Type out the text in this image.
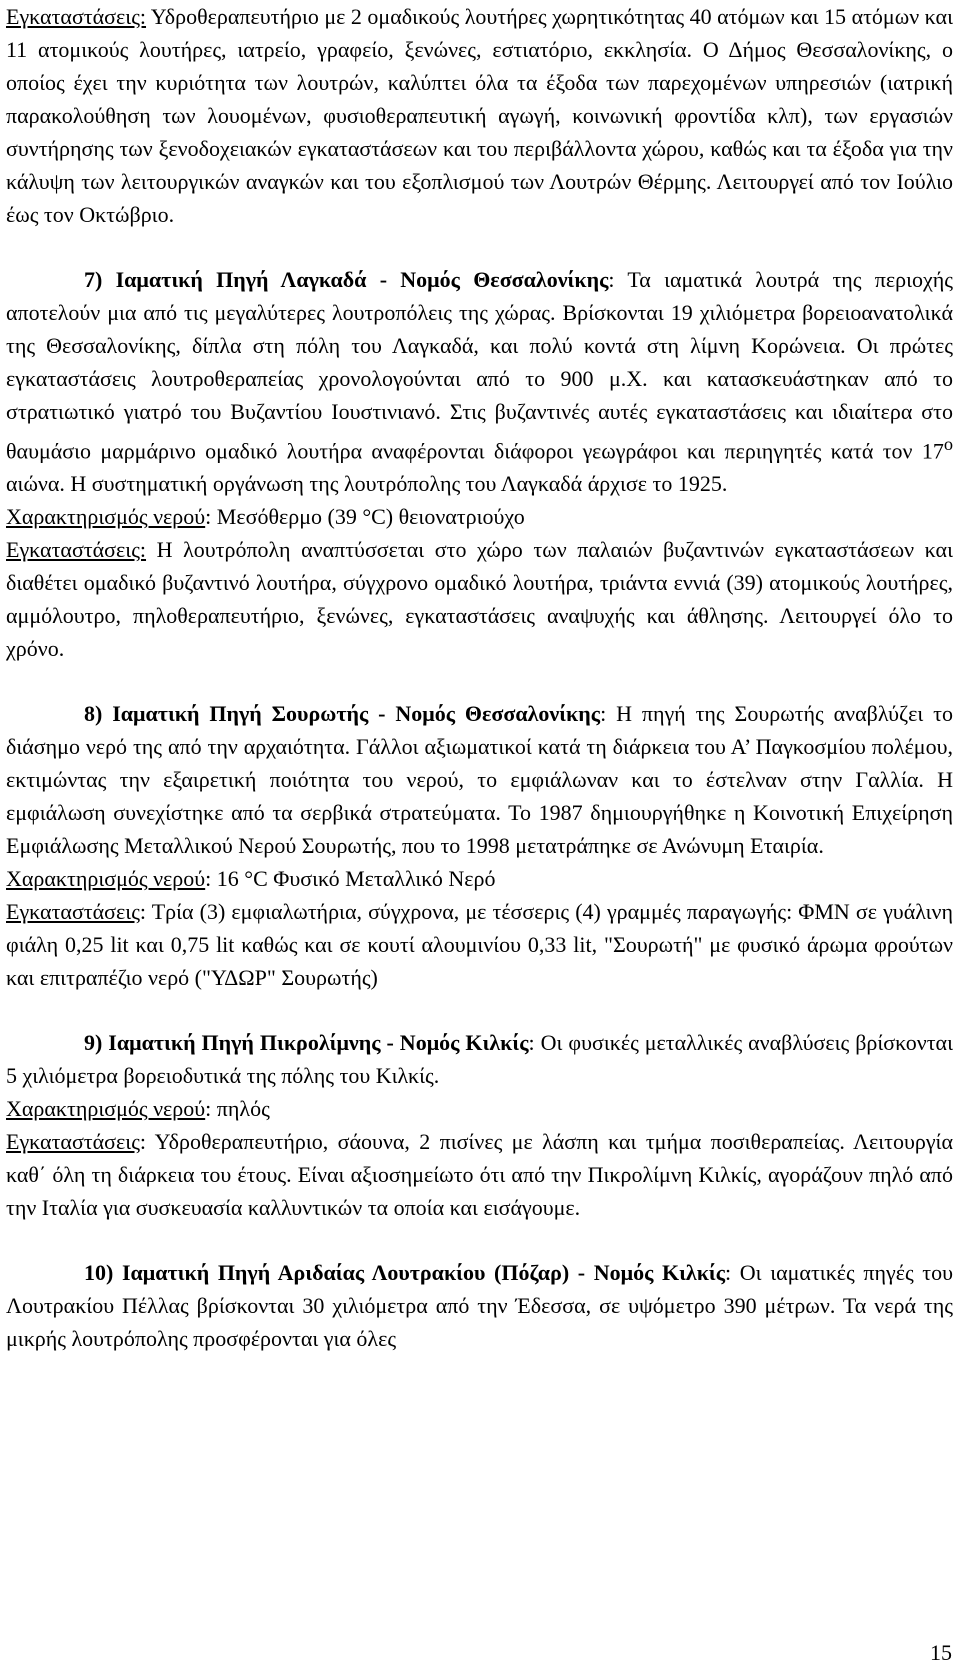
Εγκαταστάσεις: Υδροθεραπευτήριο με 2 ομαδικούς λουτήρες χωρητικότητας 40 ατόμων και 15 ατόμων και 11 ατομικούς λουτήρες, ιατρείο, γραφείο, ξενώνες, εστιατόριο, εκκλησία. Ο Δήμος Θεσσαλονίκης, ο οποίος έχει την κυριότητα των λουτρών, καλύπτει όλα τα έξοδα των παρεχομένων υπηρεσιών (ιατρική παρακολούθηση των λουομένων, φυσιοθεραπευτική αγωγή, κοινωνική φροντίδα κλπ), των εργασιών συντήρησης των ξενοδοχειακών εγκαταστάσεων και του περιβάλλοντα χώρου, καθώς και τα έξοδα για την κάλυψη των λειτουργικών αναγκών και του εξοπλισμού των Λουτρών Θέρμης. Λειτουργεί από τον Ιούλιο έως τον Οκτώβριο.

7) Ιαματική Πηγή Λαγκαδά - Νομός Θεσσαλονίκης: Τα ιαματικά λουτρά της περιοχής αποτελούν μια από τις μεγαλύτερες λουτροπόλεις της χώρας. Βρίσκονται 19 χιλιόμετρα βορειοανατολικά της Θεσσαλονίκης, δίπλα στη πόλη του Λαγκαδά, και πολύ κοντά στη λίμνη Κορώνεια. Οι πρώτες εγκαταστάσεις λουτροθεραπείας χρονολογούνται από το 900 μ.Χ. και κατασκευάστηκαν από το στρατιωτικό γιατρό του Βυζαντίου Ιουστινιανό. Στις βυζαντινές αυτές εγκαταστάσεις και ιδιαίτερα στο θαυμάσιο μαρμάρινο ομαδικό λουτήρα αναφέρονται διάφοροι γεωγράφοι και περιηγητές κατά τον $17^o$ αιώνα. Η συστηματική οργάνωση της λουτρόπολης του Λαγκαδά άρχισε το 1925.

Χαρακτηρισμός νερού: Μεσόθερμο (39 °C) θειονατριούχο

Εγκαταστάσεις: Η λουτρόπολη αναπτύσσεται στο χώρο των παλαιών βυζαντινών εγκαταστάσεων και διαθέτει ομαδικό βυζαντινό λουτήρα, σύγχρονο ομαδικό λουτήρα, τριάντα εννιά (39) ατομικούς λουτήρες, αμμόλουτρο, πηλοθεραπευτήριο, ξενώνες, εγκαταστάσεις αναψυχής και άθλησης. Λειτουργεί όλο το χρόνο.

8) Ιαματική Πηγή Σουρωτής - Νομός Θεσσαλονίκης: Η πηγή της Σουρωτής αναβλύζει το διάσημο νερό της από την αρχαιότητα. Γάλλοι αξιωματικοί κατά τη διάρκεια του Α’ Παγκοσμίου πολέμου, εκτιμώντας την εξαιρετική ποιότητα του νερού, το εμφιάλωναν και το έστελναν στην Γαλλία. Η εμφιάλωση συνεχίστηκε από τα σερβικά στρατεύματα. Το 1987 δημιουργήθηκε η Κοινοτική Επιχείρηση Εμφιάλωσης Μεταλλικού Νερού Σουρωτής, που το 1998 μετατράπηκε σε Ανώνυμη Εταιρία.

Χαρακτηρισμός νερού: 16 °C Φυσικό Μεταλλικό Νερό

Εγκαταστάσεις: Τρία (3) εμφιαλωτήρια, σύγχρονα, με τέσσερις (4) γραμμές παραγωγής: ΦΜΝ σε γυάλινη φιάλη 0,25 lit και 0,75 lit καθώς και σε κουτί αλουμινίου 0,33 lit, "Σουρωτή" με φυσικό άρωμα φρούτων και επιτραπέζιο νερό ("ΥΔΩΡ" Σουρωτής)

9) Ιαματική Πηγή Πικρολίμνης - Νομός Κιλκίς: Οι φυσικές μεταλλικές αναβλύσεις βρίσκονται 5 χιλιόμετρα βορειοδυτικά της πόλης του Κιλκίς.

Χαρακτηρισμός νερού: πηλός

Εγκαταστάσεις: Υδροθεραπευτήριο, σάουνα, 2 πισίνες με λάσπη και τμήμα ποσιθεραπείας. Λειτουργία καθ΄ όλη τη διάρκεια του έτους. Είναι αξιοσημείωτο ότι από την Πικρολίμνη Κιλκίς, αγοράζουν πηλό από την Ιταλία για συσκευασία καλλυντικών τα οποία και εισάγουμε.

10) Ιαματική Πηγή Αριδαίας Λουτρακίου (Πόζαρ) - Νομός Κιλκίς: Οι ιαματικές πηγές του Λουτρακίου Πέλλας βρίσκονται 30 χιλιόμετρα από την Έδεσσα, σε υψόμετρο 390 μέτρων. Τα νερά της μικρής λουτρόπολης προσφέρονται για όλες

15
